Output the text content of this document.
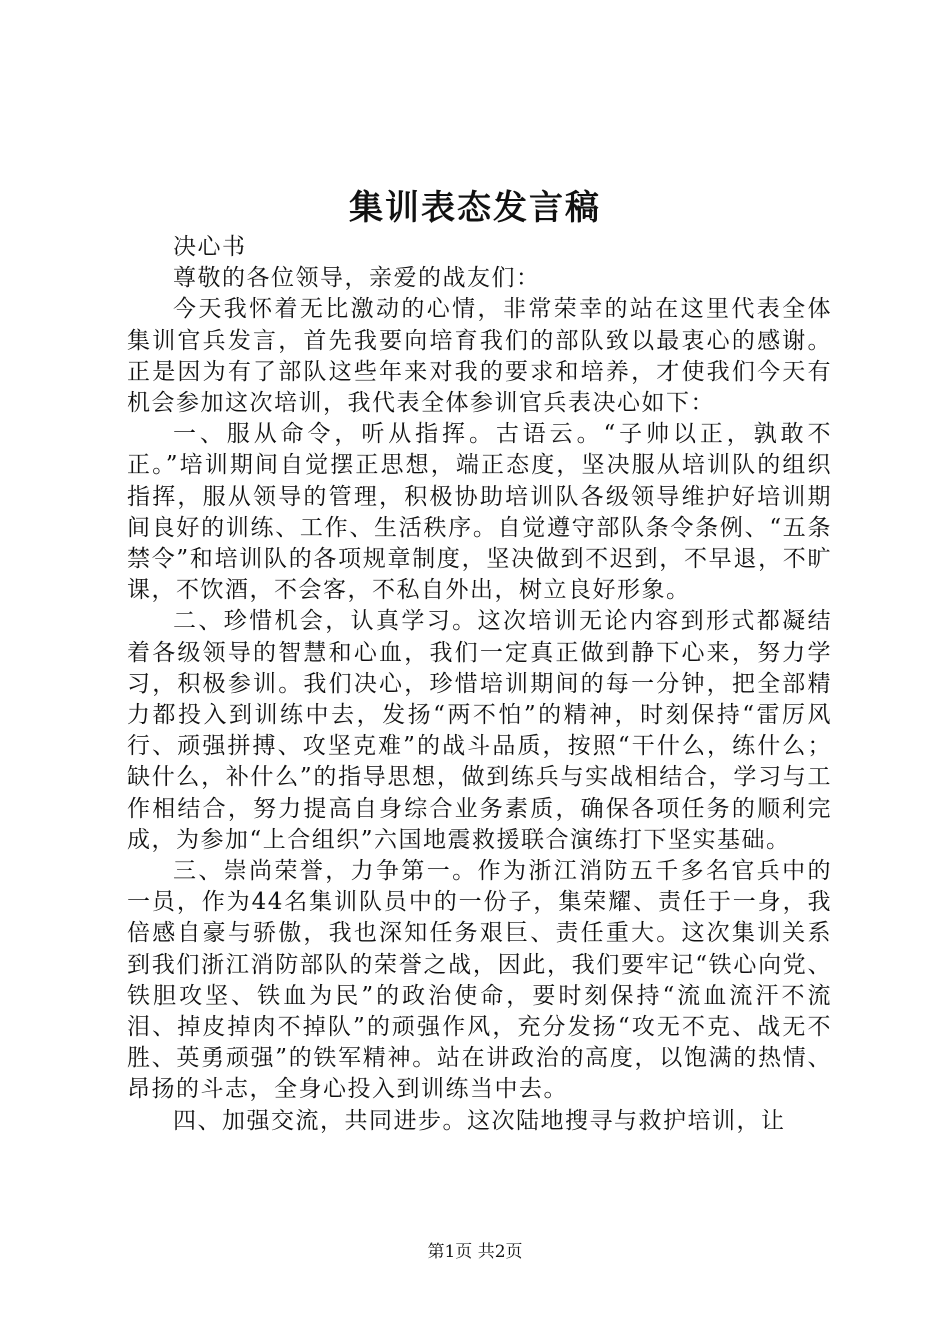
集训表态发言稿

决心书

尊敬的各位领导，亲爱的战友们：

今天我怀着无比激动的心情，非常荣幸的站在这里代表全体集训官兵发言，首先我要向培育我们的部队致以最衷心的感谢。正是因为有了部队这些年来对我的要求和培养，才使我们今天有机会参加这次培训，我代表全体参训官兵表决心如下：

一、服从命令，听从指挥。古语云。“子帅以正，孰敢不正。”培训期间自觉摆正思想，端正态度，坚决服从培训队的组织指挥，服从领导的管理，积极协助培训队各级领导维护好培训期间良好的训练、工作、生活秩序。自觉遵守部队条令条例、“五条禁令”和培训队的各项规章制度，坚决做到不迟到，不早退，不旷课，不饮酒，不会客，不私自外出，树立良好形象。

二、珍惜机会，认真学习。这次培训无论内容到形式都凝结着各级领导的智慧和心血，我们一定真正做到静下心来，努力学习，积极参训。我们决心，珍惜培训期间的每一分钟，把全部精力都投入到训练中去，发扬“两不怕”的精神，时刻保持“雷厉风行、顽强拼搏、攻坚克难”的战斗品质，按照“干什么，练什么；缺什么，补什么”的指导思想，做到练兵与实战相结合，学习与工作相结合，努力提高自身综合业务素质，确保各项任务的顺利完成，为参加“上合组织”六国地震救援联合演练打下坚实基础。

三、崇尚荣誉，力争第一。作为浙江消防五千多名官兵中的一员，作为44名集训队员中的一份子，集荣耀、责任于一身，我倍感自豪与骄傲，我也深知任务艰巨、责任重大。这次集训关系到我们浙江消防部队的荣誉之战，因此，我们要牢记“铁心向党、铁胆攻坚、铁血为民”的政治使命，要时刻保持“流血流汗不流泪、掉皮掉肉不掉队”的顽强作风，充分发扬“攻无不克、战无不胜、英勇顽强”的铁军精神。站在讲政治的高度，以饱满的热情、昂扬的斗志，全身心投入到训练当中去。

四、加强交流，共同进步。这次陆地搜寻与救护培训，让

第1页 共2页
